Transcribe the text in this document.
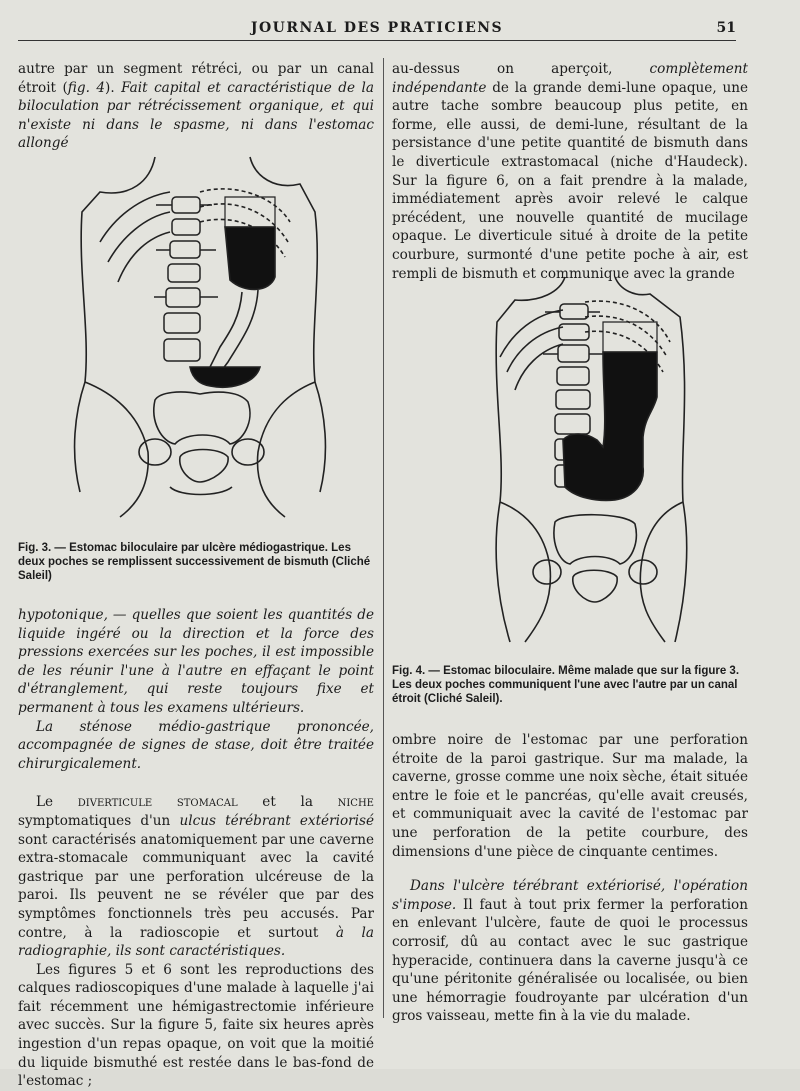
JOURNAL DES PRATICIENS	51

autre par un segment rétréci, ou par un canal étroit (fig. 4). Fait capital et caractéristique de la biloculation par rétrécissement organique, et qui n'existe ni dans le spasme, ni dans l'estomac allongé

Fig. 3. — Estomac biloculaire par ulcère médiogastrique. Les deux poches se remplissent successivement de bismuth (Cliché Saleil)

hypotonique, — quelles que soient les quantités de liquide ingéré ou la direction et la force des pressions exercées sur les poches, il est impossible de les réunir l'une à l'autre en effaçant le point d'étranglement, qui reste toujours fixe et permanent à tous les examens ultérieurs.

La sténose médio-gastrique prononcée, accompagnée de signes de stase, doit être traitée chirurgicalement.

Le diverticule stomacal et la niche symptomatiques d'un ulcus térébrant extériorisé sont caractérisés anatomiquement par une caverne extra-stomacale communiquant avec la cavité gastrique par une perforation ulcéreuse de la paroi. Ils peuvent ne se révéler que par des symptômes fonctionnels très peu accusés. Par contre, à la radioscopie et surtout à la radiographie, ils sont caractéristiques.

Les figures 5 et 6 sont les reproductions des calques radioscopiques d'une malade à laquelle j'ai fait récemment une hémigastrectomie inférieure avec succès. Sur la figure 5, faite six heures après ingestion d'un repas opaque, on voit que la moitié du liquide bismuthé est restée dans le bas-fond de l'estomac ;

au-dessus on aperçoit, complètement indépendante de la grande demi-lune opaque, une autre tache sombre beaucoup plus petite, en forme, elle aussi, de demi-lune, résultant de la persistance d'une petite quantité de bismuth dans le diverticule extrastomacal (niche d'Haudeck). Sur la figure 6, on a fait prendre à la malade, immédiatement après avoir relevé le calque précédent, une nouvelle quantité de mucilage opaque. Le diverticule situé à droite de la petite courbure, surmonté d'une petite poche à air, est rempli de bismuth et communique avec la grande

Fig. 4. — Estomac biloculaire. Même malade que sur la figure 3. Les deux poches communiquent l'une avec l'autre par un canal étroit (Cliché Saleil).

ombre noire de l'estomac par une perforation étroite de la paroi gastrique. Sur ma malade, la caverne, grosse comme une noix sèche, était située entre le foie et le pancréas, qu'elle avait creusés, et communiquait avec la cavité de l'estomac par une perforation de la petite courbure, des dimensions d'une pièce de cinquante centimes.

Dans l'ulcère térébrant extériorisé, l'opération s'impose. Il faut à tout prix fermer la perforation en enlevant l'ulcère, faute de quoi le processus corrosif, dû au contact avec le suc gastrique hyperacide, continuera dans la caverne jusqu'à ce qu'une péritonite généralisée ou localisée, ou bien une hémorragie foudroyante par ulcération d'un gros vaisseau, mette fin à la vie du malade.
